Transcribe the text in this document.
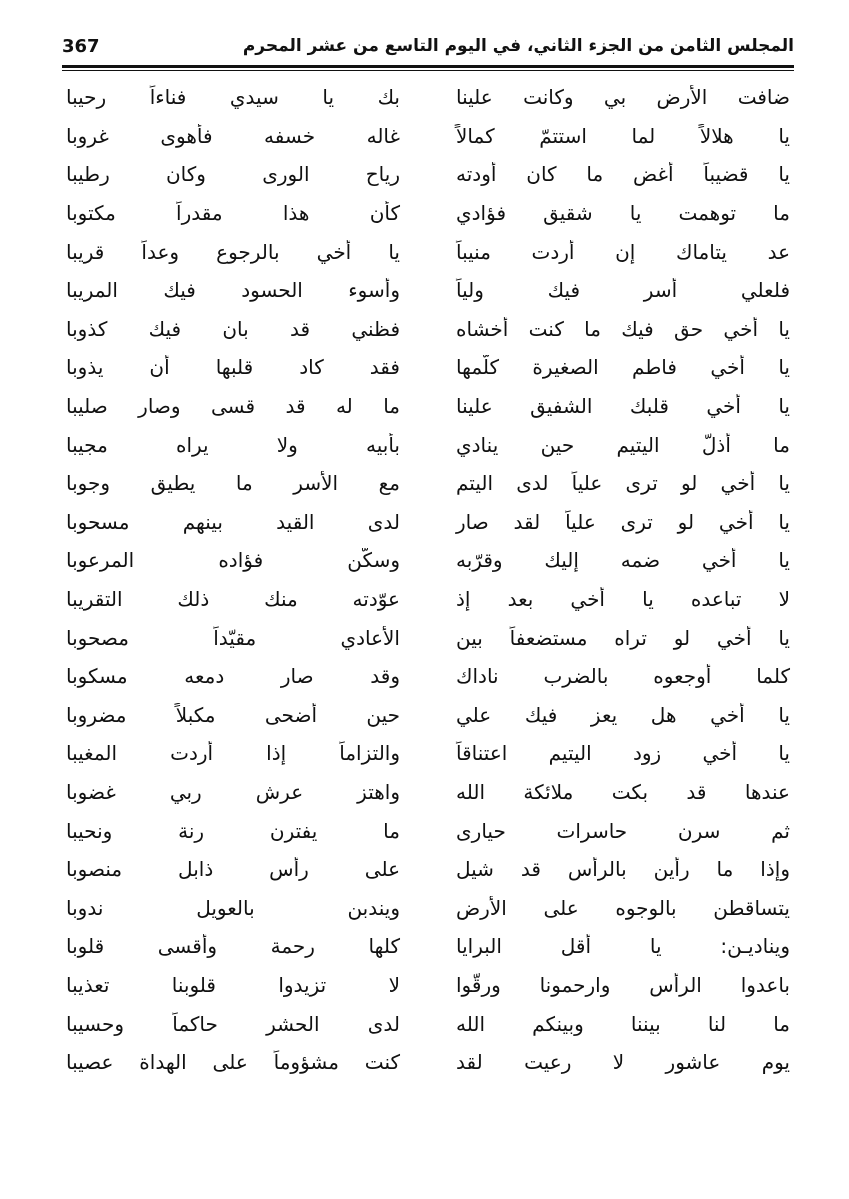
المجلس الثامن من الجزء الثاني، في اليوم التاسع من عشر المحرم
367
ضافت الأرض بي وكانت علينا
بك يا سيدي فناءاً رحيبا
يا هلالاً لما استتمّ كمالاً
غاله خسفه فأهوى غروبا
يا قضيباً أغض ما كان أودته
رياح الورى وكان رطيبا
ما توهمت يا شقيق فؤادي
كأن هذا مقدراً مكتوبا
عد يتاماك إن أردت منيباً
يا أخي بالرجوع وعداً قريبا
فلعلي أسر فيك ولياً
وأسوء الحسود فيك المريبا
يا أخي حق فيك ما كنت أخشاه
فظني قد بان فيك كذوبا
يا أخي فاطم الصغيرة كلّمها
فقد كاد قلبها أن يذوبا
يا أخي قلبك الشفيق علينا
ما له قد قسى وصار صليبا
ما أذلّ اليتيم حين ينادي
بأبيه ولا يراه مجيبا
يا أخي لو ترى علياً لدى اليتم
مع الأسر ما يطيق وجوبا
يا أخي لو ترى علياً لقد صار
لدى القيد بينهم مسحوبا
يا أخي ضمه إليك وقرّبه
وسكّن فؤاده المرعوبا
لا تباعده يا أخي بعد إذ
عوّدته منك ذلك التقريبا
يا أخي لو تراه مستضعفاً بين
الأعادي مقيّداً مصحوبا
كلما أوجعوه بالضرب ناداك
وقد صار دمعه مسكوبا
يا أخي هل يعز فيك علي
حين أضحى مكبلاً مضروبا
يا أخي زود اليتيم اعتناقاً
والتزاماً إذا أردت المغيبا
عندها قد بكت ملائكة الله
واهتز عرش ربي غضوبا
ثم سرن حاسرات حيارى
ما يفترن رنة ونحيبا
وإذا ما رأين بالرأس قد شيل
على رأس ذابل منصوبا
يتساقطن بالوجوه على الأرض
ويندبن بالعويل ندوبا
ويناديـن: يا أقل البرايا
كلها رحمة وأقسى قلوبا
باعدوا الرأس وارحمونا ورقّوا
لا تزيدوا قلوبنا تعذيبا
ما لنا بيننا وبينكم الله
لدى الحشر حاكماً وحسيبا
يوم عاشور لا رعيت لقد
كنت مشؤوماً على الهداة عصيبا
